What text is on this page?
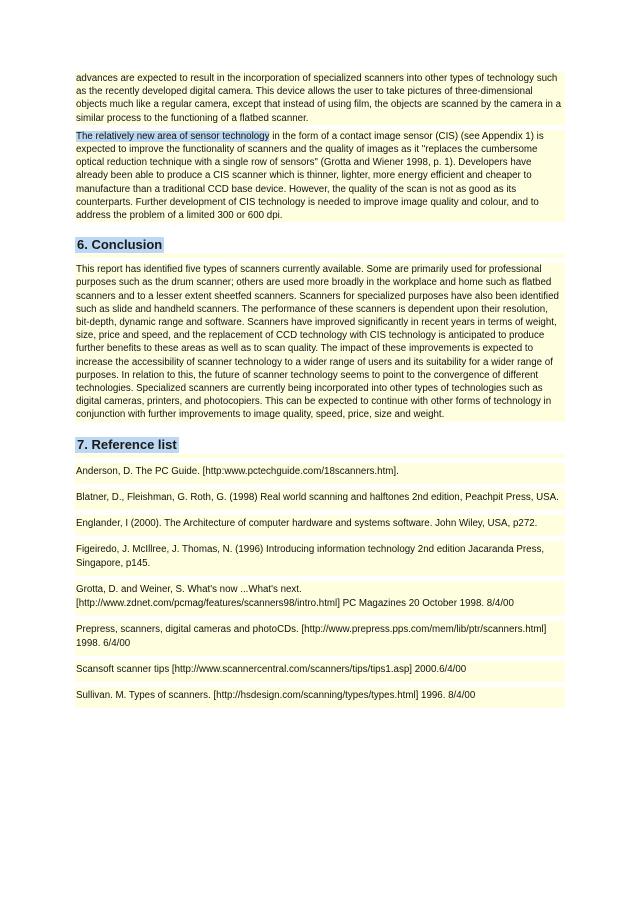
advances are expected to result in the incorporation of specialized scanners into other types of technology such as the recently developed digital camera. This device allows the user to take pictures of three-dimensional objects much like a regular camera, except that instead of using film, the objects are scanned by the camera in a similar process to the functioning of a flatbed scanner.

The relatively new area of sensor technology in the form of a contact image sensor (CIS) (see Appendix 1) is expected to improve the functionality of scanners and the quality of images as it "replaces the cumbersome optical reduction technique with a single row of sensors" (Grotta and Wiener 1998, p. 1). Developers have already been able to produce a CIS scanner which is thinner, lighter, more energy efficient and cheaper to manufacture than a traditional CCD base device. However, the quality of the scan is not as good as its counterparts. Further development of CIS technology is needed to improve image quality and colour, and to address the problem of a limited 300 or 600 dpi.

6. Conclusion

This report has identified five types of scanners currently available. Some are primarily used for professional purposes such as the drum scanner; others are used more broadly in the workplace and home such as flatbed scanners and to a lesser extent sheetfed scanners. Scanners for specialized purposes have also been identified such as slide and handheld scanners. The performance of these scanners is dependent upon their resolution, bit-depth, dynamic range and software. Scanners have improved significantly in recent years in terms of weight, size, price and speed, and the replacement of CCD technology with CIS technology is anticipated to produce further benefits to these areas as well as to scan quality. The impact of these improvements is expected to increase the accessibility of scanner technology to a wider range of users and its suitability for a wider range of purposes. In relation to this, the future of scanner technology seems to point to the convergence of different technologies. Specialized scanners are currently being incorporated into other types of technologies such as digital cameras, printers, and photocopiers. This can be expected to continue with other forms of technology in conjunction with further improvements to image quality, speed, price, size and weight.

7. Reference list

Anderson, D. The PC Guide. [http:www.pctechguide.com/18scanners.htm].

Blatner, D., Fleishman, G. Roth, G. (1998) Real world scanning and halftones 2nd edition, Peachpit Press, USA.

Englander, I (2000). The Architecture of computer hardware and systems software. John Wiley, USA, p272.

Figeiredo, J. McIllree, J. Thomas, N. (1996) Introducing information technology 2nd edition Jacaranda Press, Singapore, p145.

Grotta, D. and Weiner, S. What's now ...What's next. [http://www.zdnet.com/pcmag/features/scanners98/intro.html] PC Magazines 20 October 1998. 8/4/00

Prepress, scanners, digital cameras and photoCDs. [http://www.prepress.pps.com/mem/lib/ptr/scanners.html] 1998. 6/4/00

Scansoft scanner tips [http://www.scannercentral.com/scanners/tips/tips1.asp] 2000.6/4/00

Sullivan. M. Types of scanners. [http://hsdesign.com/scanning/types/types.html] 1996. 8/4/00
